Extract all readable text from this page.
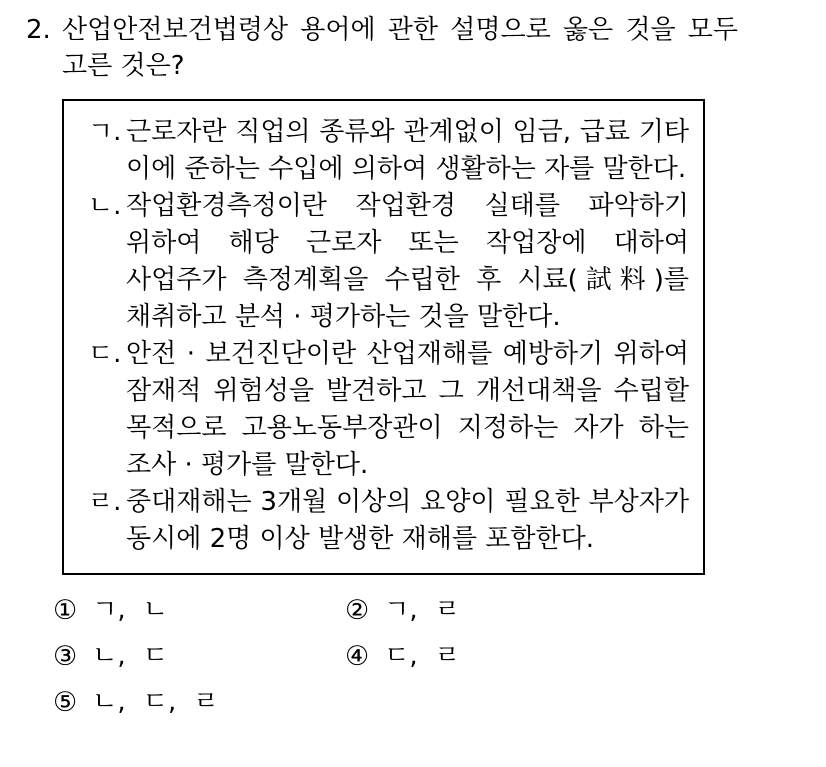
2. 산업안전보건법령상 용어에 관한 설명으로 옳은 것을 모두 고른 것은?
ㄱ. 근로자란 직업의 종류와 관계없이 임금, 급료 기타 이에 준하는 수입에 의하여 생활하는 자를 말한다.
ㄴ. 작업환경측정이란 작업환경 실태를 파악하기 위하여 해당 근로자 또는 작업장에 대하여 사업주가 측정계획을 수립한 후 시료(試料)를 채취하고 분석 · 평가하는 것을 말한다.
ㄷ. 안전 · 보건진단이란 산업재해를 예방하기 위하여 잠재적 위험성을 발견하고 그 개선대책을 수립할 목적으로 고용노동부장관이 지정하는 자가 하는 조사 · 평가를 말한다.
ㄹ. 중대재해는 3개월 이상의 요양이 필요한 부상자가 동시에 2명 이상 발생한 재해를 포함한다.
① ㄱ, ㄴ	② ㄱ, ㄹ
③ ㄴ, ㄷ	④ ㄷ, ㄹ
⑤ ㄴ, ㄷ, ㄹ
